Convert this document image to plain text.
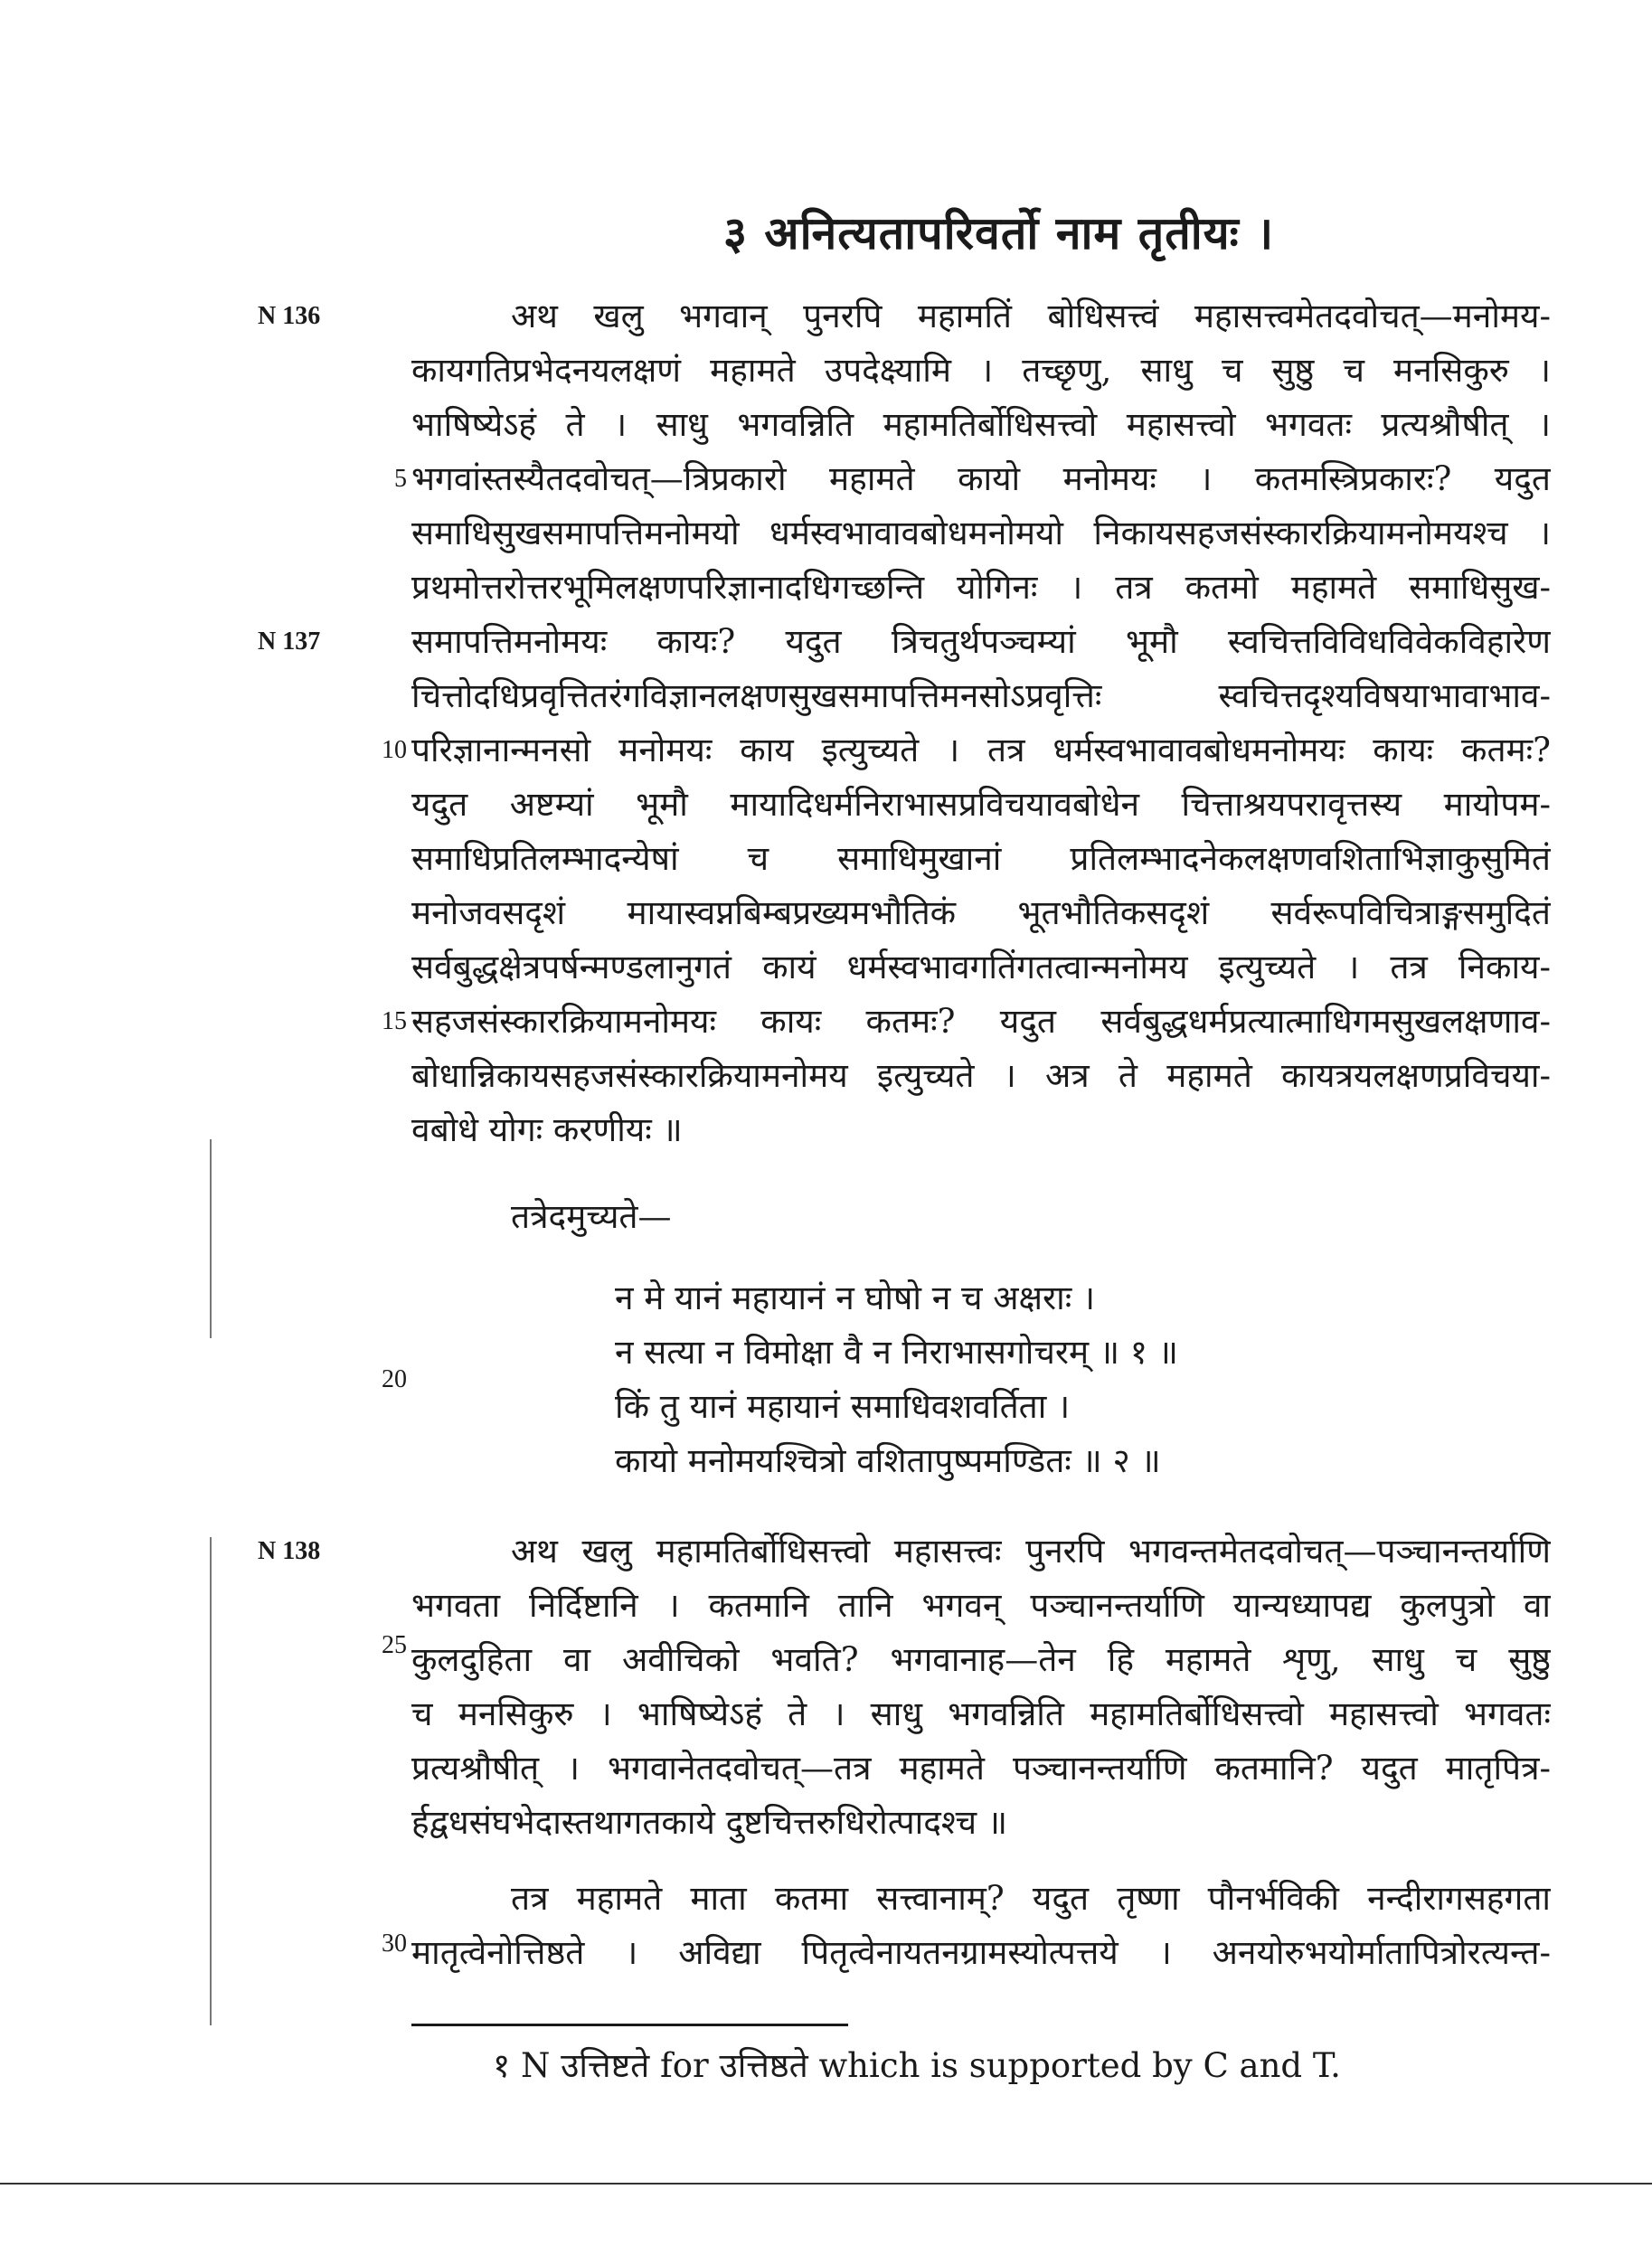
३ अनित्यतापरिवर्तो नाम तृतीयः ।
N 136
N 137
N 138
5
10
15
20
25
30
अथ खलु भगवान् पुनरपि महामतिं बोधिसत्त्वं महासत्त्वमेतदवोचत्—मनोमय-
कायगतिप्रभेदनयलक्षणं महामते उपदेक्ष्यामि । तच्छृणु, साधु च सुष्ठु च मनसिकुरु ।
भाषिष्येऽहं ते । साधु भगवन्निति महामतिर्बोधिसत्त्वो महासत्त्वो भगवतः प्रत्यश्रौषीत् ।
भगवांस्तस्यैतदवोचत्—त्रिप्रकारो महामते कायो मनोमयः । कतमस्त्रिप्रकारः? यदुत
समाधिसुखसमापत्तिमनोमयो धर्मस्वभावावबोधमनोमयो निकायसहजसंस्कारक्रियामनोमयश्च ।
प्रथमोत्तरोत्तरभूमिलक्षणपरिज्ञानादधिगच्छन्ति योगिनः । तत्र कतमो महामते समाधिसुख-
समापत्तिमनोमयः कायः? यदुत त्रिचतुर्थपञ्चम्यां भूमौ स्वचित्तविविधविवेकविहारेण
चित्तोदधिप्रवृत्तितरंगविज्ञानलक्षणसुखसमापत्तिमनसोऽप्रवृत्तिः स्वचित्तदृश्यविषयाभावाभाव-
परिज्ञानान्मनसो मनोमयः काय इत्युच्यते । तत्र धर्मस्वभावावबोधमनोमयः कायः कतमः?
यदुत अष्टम्यां भूमौ मायादिधर्मनिराभासप्रविचयावबोधेन चित्ताश्रयपरावृत्तस्य मायोपम-
समाधिप्रतिलम्भादन्येषां च समाधिमुखानां प्रतिलम्भादनेकलक्षणवशिताभिज्ञाकुसुमितं
मनोजवसदृशं मायास्वप्नबिम्बप्रख्यमभौतिकं भूतभौतिकसदृशं सर्वरूपविचित्राङ्गसमुदितं
सर्वबुद्धक्षेत्रपर्षन्मण्डलानुगतं कायं धर्मस्वभावगतिंगतत्वान्मनोमय इत्युच्यते । तत्र निकाय-
सहजसंस्कारक्रियामनोमयः कायः कतमः? यदुत सर्वबुद्धधर्मप्रत्यात्माधिगमसुखलक्षणाव-
बोधान्निकायसहजसंस्कारक्रियामनोमय इत्युच्यते । अत्र ते महामते कायत्रयलक्षणप्रविचया-
वबोधे योगः करणीयः ॥
तत्रेदमुच्यते—
न मे यानं महायानं न घोषो न च अक्षराः ।
न सत्या न विमोक्षा वै न निराभासगोचरम् ॥ १ ॥
किं तु यानं महायानं समाधिवशवर्तिता ।
कायो मनोमयश्चित्रो वशितापुष्पमण्डितः ॥ २ ॥
अथ खलु महामतिर्बोधिसत्त्वो महासत्त्वः पुनरपि भगवन्तमेतदवोचत्—पञ्चानन्तर्याणि
भगवता निर्दिष्टानि । कतमानि तानि भगवन् पञ्चानन्तर्याणि यान्यध्यापद्य कुलपुत्रो वा
कुलदुहिता वा अवीचिको भवति? भगवानाह—तेन हि महामते शृणु, साधु च सुष्ठु
च मनसिकुरु । भाषिष्येऽहं ते । साधु भगवन्निति महामतिर्बोधिसत्त्वो महासत्त्वो भगवतः
प्रत्यश्रौषीत् । भगवानेतदवोचत्—तत्र महामते पञ्चानन्तर्याणि कतमानि? यदुत मातृपित्र-
र्हद्वधसंघभेदास्तथागतकाये दुष्टचित्तरुधिरोत्पादश्च ॥
तत्र महामते माता कतमा सत्त्वानाम्? यदुत तृष्णा पौनर्भविकी नन्दीरागसहगता
मातृत्वेनोत्तिष्ठते । अविद्या पितृत्वेनायतनग्रामस्योत्पत्तये । अनयोरुभयोर्मातापित्रोरत्यन्त-
१ N उत्तिष्टते for उत्तिष्ठते which is supported by C and T.
